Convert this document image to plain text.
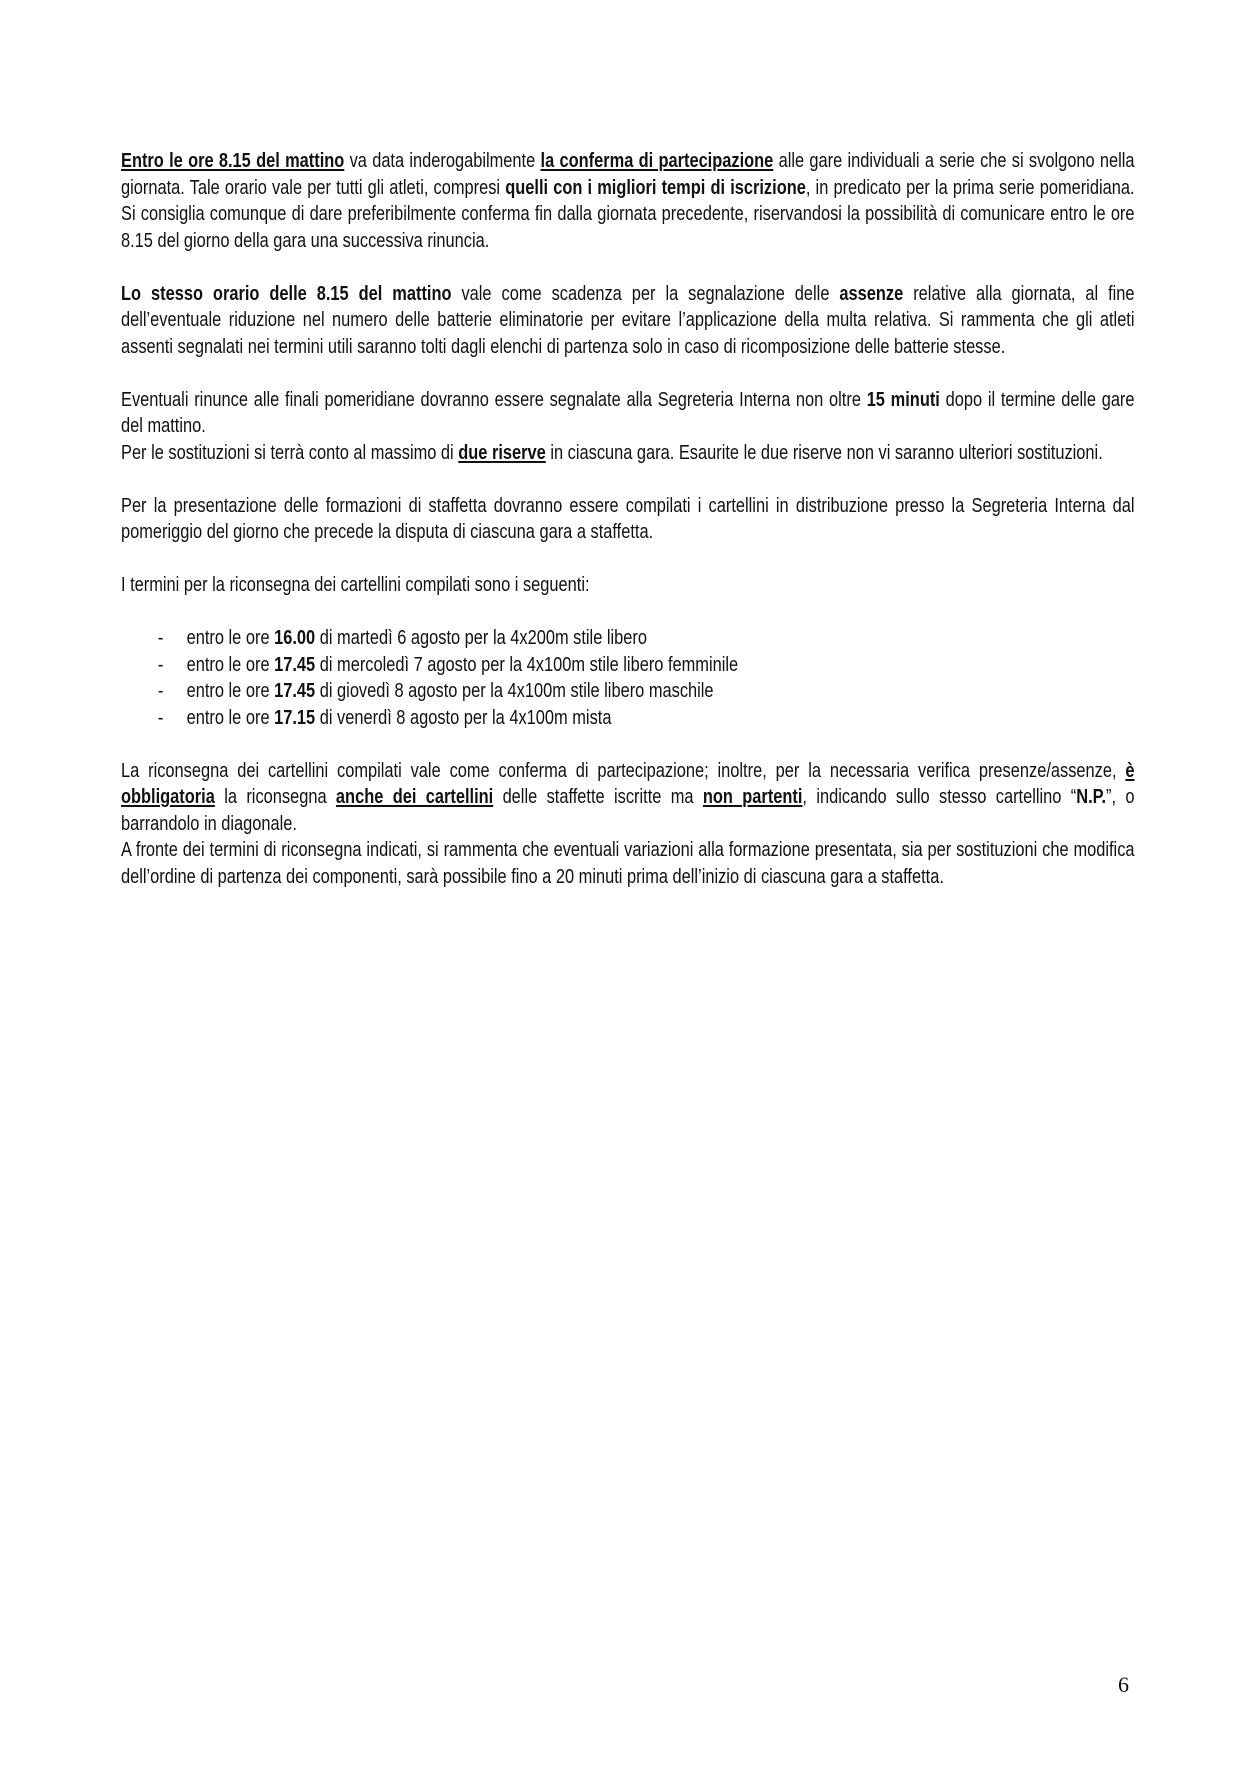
Entro le ore 8.15 del mattino va data inderogabilmente la conferma di partecipazione alle gare individuali a serie che si svolgono nella giornata. Tale orario vale per tutti gli atleti, compresi quelli con i migliori tempi di iscrizione, in predicato per la prima serie pomeridiana. Si consiglia comunque di dare preferibilmente conferma fin dalla giornata precedente, riservandosi la possibilità di comunicare entro le ore 8.15 del giorno della gara una successiva rinuncia.

Lo stesso orario delle 8.15 del mattino vale come scadenza per la segnalazione delle assenze relative alla giornata, al fine dell’eventuale riduzione nel numero delle batterie eliminatorie per evitare l’applicazione della multa relativa. Si rammenta che gli atleti assenti segnalati nei termini utili saranno tolti dagli elenchi di partenza solo in caso di ricomposizione delle batterie stesse.

Eventuali rinunce alle finali pomeridiane dovranno essere segnalate alla Segreteria Interna non oltre 15 minuti dopo il termine delle gare del mattino.

Per le sostituzioni si terrà conto al massimo di due riserve in ciascuna gara. Esaurite le due riserve non vi saranno ulteriori sostituzioni.

Per la presentazione delle formazioni di staffetta dovranno essere compilati i cartellini in distribuzione presso la Segreteria Interna dal pomeriggio del giorno che precede la disputa di ciascuna gara a staffetta.

I termini per la riconsegna dei cartellini compilati sono i seguenti:

- entro le ore 16.00 di martedì 6 agosto per la 4x200m stile libero
- entro le ore 17.45 di mercoledì 7 agosto per la 4x100m stile libero femminile
- entro le ore 17.45 di giovedì 8 agosto per la 4x100m stile libero maschile
- entro le ore 17.15 di venerdì 8 agosto per la 4x100m mista

La riconsegna dei cartellini compilati vale come conferma di partecipazione; inoltre, per la necessaria verifica presenze/assenze, è obbligatoria la riconsegna anche dei cartellini delle staffette iscritte ma non partenti, indicando sullo stesso cartellino “N.P.”, o barrandolo in diagonale.

A fronte dei termini di riconsegna indicati, si rammenta che eventuali variazioni alla formazione presentata, sia per sostituzioni che modifica dell’ordine di partenza dei componenti, sarà possibile fino a 20 minuti prima dell’inizio di ciascuna gara a staffetta.

6
